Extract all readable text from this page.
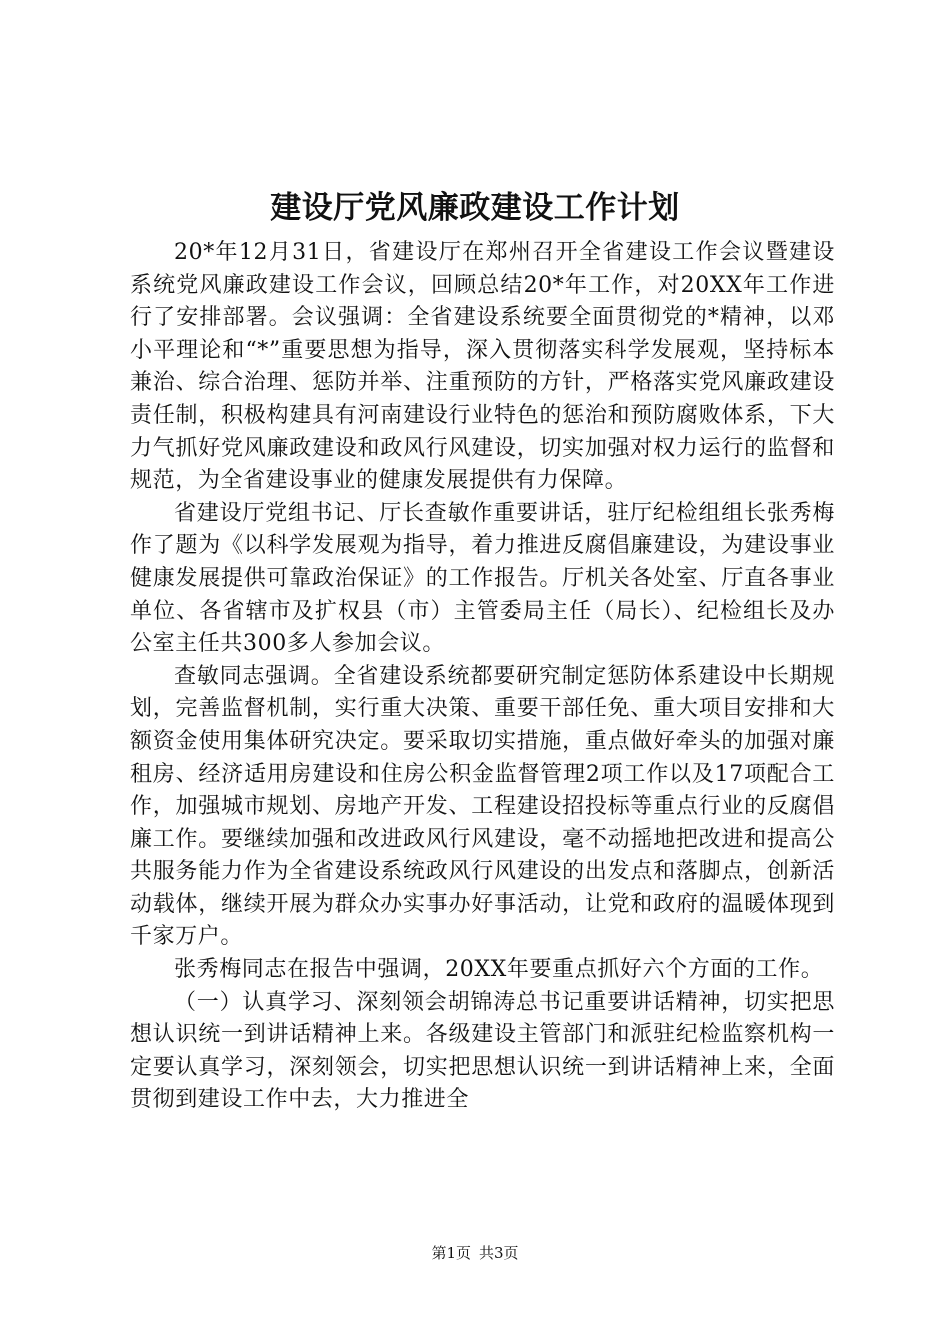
建设厅党风廉政建设工作计划

20*年12月31日，省建设厅在郑州召开全省建设工作会议暨建设系统党风廉政建设工作会议，回顾总结20*年工作，对20XX年工作进行了安排部署。会议强调：全省建设系统要全面贯彻党的*精神，以邓小平理论和“*”重要思想为指导，深入贯彻落实科学发展观，坚持标本兼治、综合治理、惩防并举、注重预防的方针，严格落实党风廉政建设责任制，积极构建具有河南建设行业特色的惩治和预防腐败体系，下大力气抓好党风廉政建设和政风行风建设，切实加强对权力运行的监督和规范，为全省建设事业的健康发展提供有力保障。

省建设厅党组书记、厅长查敏作重要讲话，驻厅纪检组组长张秀梅作了题为《以科学发展观为指导，着力推进反腐倡廉建设，为建设事业健康发展提供可靠政治保证》的工作报告。厅机关各处室、厅直各事业单位、各省辖市及扩权县（市）主管委局主任（局长）、纪检组长及办公室主任共300多人参加会议。

查敏同志强调。全省建设系统都要研究制定惩防体系建设中长期规划，完善监督机制，实行重大决策、重要干部任免、重大项目安排和大额资金使用集体研究决定。要采取切实措施，重点做好牵头的加强对廉租房、经济适用房建设和住房公积金监督管理2项工作以及17项配合工作，加强城市规划、房地产开发、工程建设招投标等重点行业的反腐倡廉工作。要继续加强和改进政风行风建设，毫不动摇地把改进和提高公共服务能力作为全省建设系统政风行风建设的出发点和落脚点，创新活动载体，继续开展为群众办实事办好事活动，让党和政府的温暖体现到千家万户。

张秀梅同志在报告中强调，20XX年要重点抓好六个方面的工作。

（一）认真学习、深刻领会胡锦涛总书记重要讲话精神，切实把思想认识统一到讲话精神上来。各级建设主管部门和派驻纪检监察机构一定要认真学习，深刻领会，切实把思想认识统一到讲话精神上来，全面贯彻到建设工作中去，大力推进全

第1页 共3页
